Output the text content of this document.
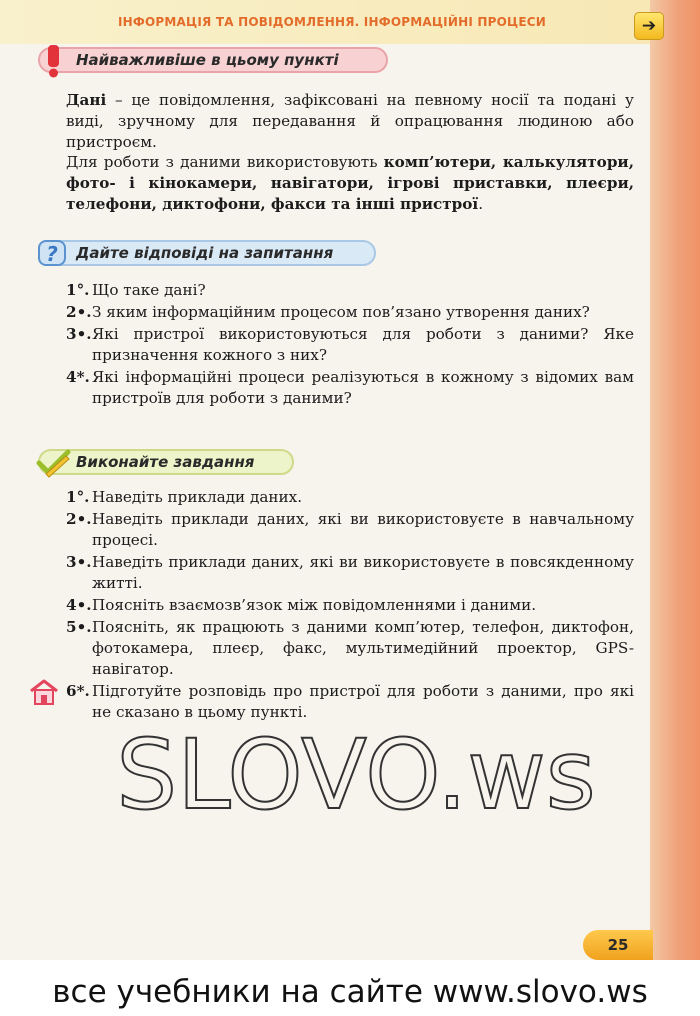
ІНФОРМАЦІЯ ТА ПОВІДОМЛЕННЯ. ІНФОРМАЦІЙНІ ПРОЦЕСИ	➔
Найважливіше в цьому пункті
Дані – це повідомлення, зафіксовані на певному носії та подані у виді, зручному для передавання й опрацювання людиною або пристроєм.
Для роботи з даними використовують комп’ютери, калькулятори, фото- і кінокамери, навігатори, ігрові приставки, плеєри, телефони, диктофони, факси та інші пристрої.
? Дайте відповіді на запитання
1°. Що таке дані?
2•. З яким інформаційним процесом пов’язано утворення даних?
3•. Які пристрої використовуються для роботи з даними? Яке призначення кожного з них?
4*. Які інформаційні процеси реалізуються в кожному з відомих вам пристроїв для роботи з даними?
Виконайте завдання
1°. Наведіть приклади даних.
2•. Наведіть приклади даних, які ви використовуєте в навчальному процесі.
3•. Наведіть приклади даних, які ви використовуєте в повсякденному житті.
4•. Поясніть взаємозв’язок між повідомленнями і даними.
5•. Поясніть, як працюють з даними комп’ютер, телефон, диктофон, фотокамера, плеєр, факс, мультимедійний проектор, GPS-навігатор.
6*. Підготуйте розповідь про пристрої для роботи з даними, про які не сказано в цьому пункті.
SLOVO.ws
25
все учебники на сайте www.slovo.ws
